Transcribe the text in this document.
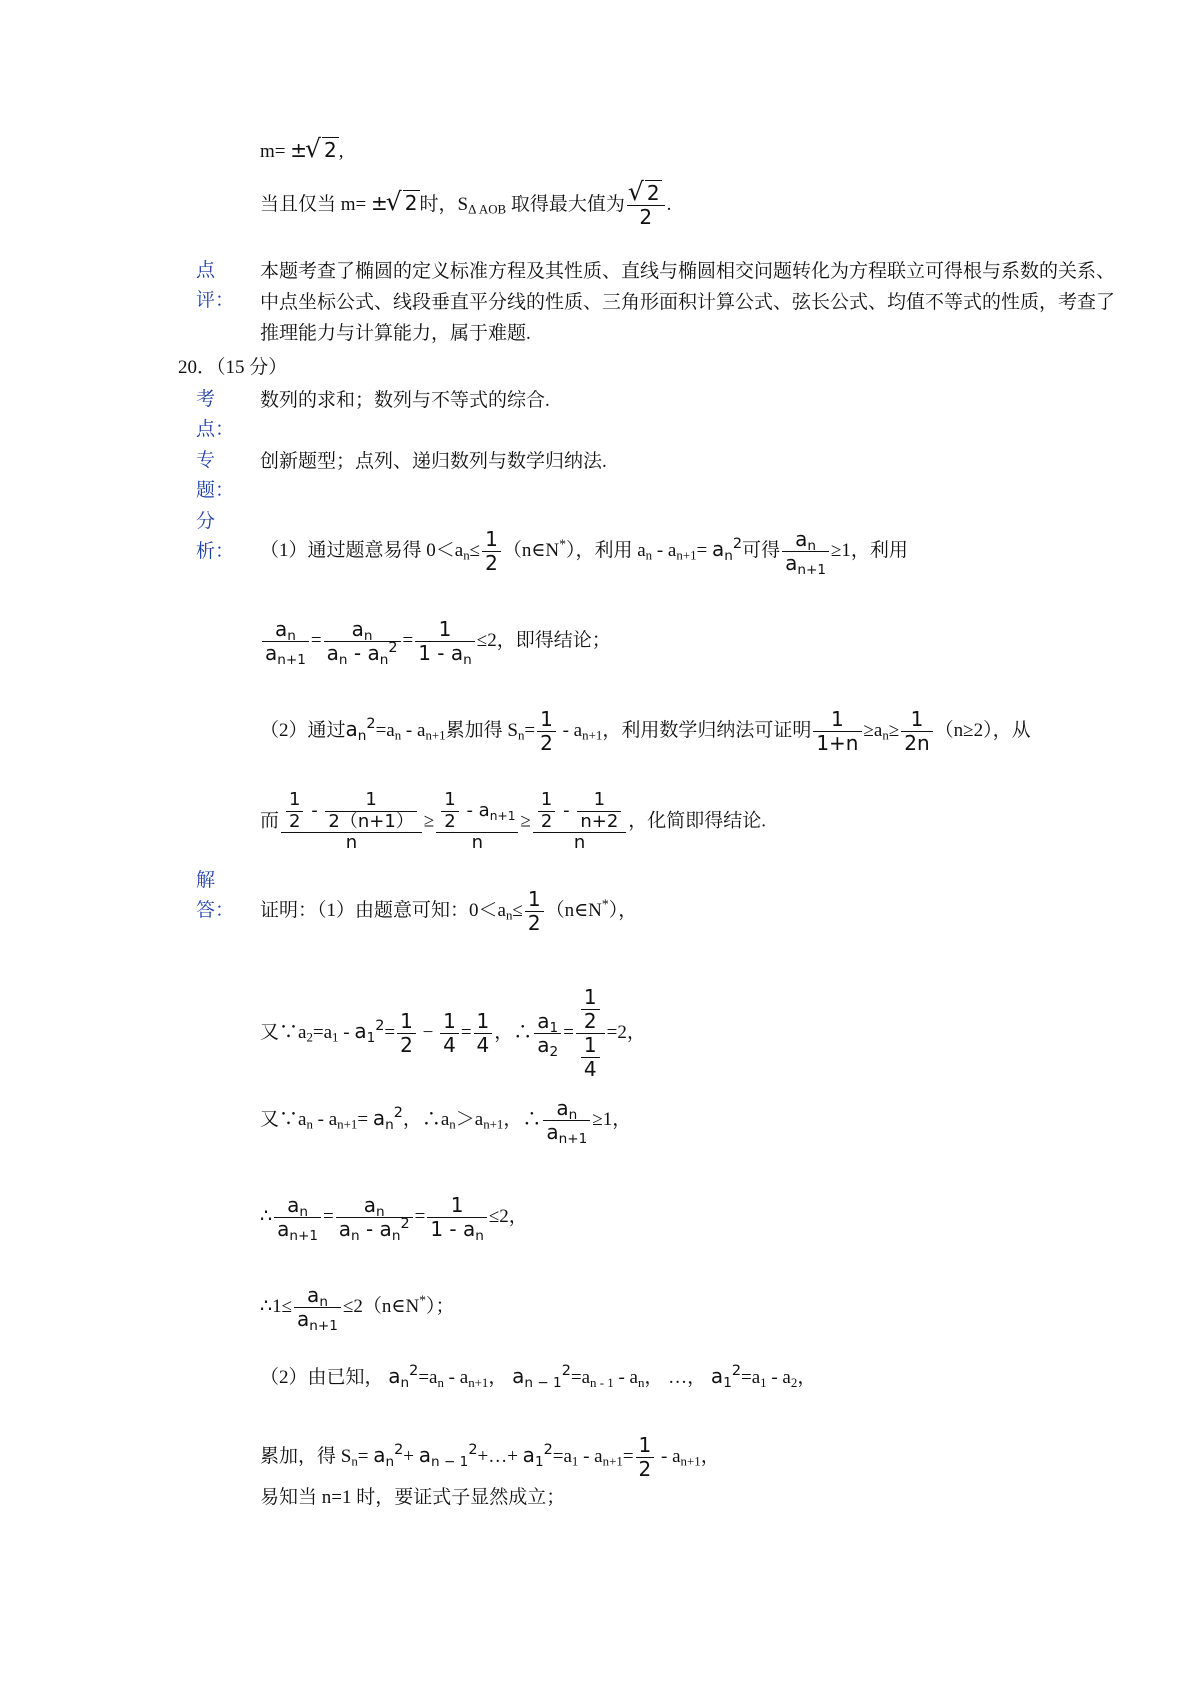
m= ± √ 2 ,
当且仅当 m= ± √ 2 时，$S_{\Delta AOB}$ 取得最大值为 √ $\frac{2}{2}$ .
点评：
本题考查了椭圆的定义标准方程及其性质、直线与椭圆相交问题转化为方程联立可得根与系数的关系、中点坐标公式、线段垂直平分线的性质、三角形面积计算公式、弦长公式、均值不等式的性质，考查了推理能力与计算能力，属于难题.
20．（15 分）
考点：
数列的求和；数列与不等式的综合.
专题：
创新题型；点列、递归数列与数学归纳法.
分析： （1）通过题意易得 $0<a_n\le \frac{1}{2}$ （n∈N*），利用 $a_n - a_{n+1}= a_n^2$可得 $\frac{a_n}{a_{n+1}} \ge 1$，利用
$\frac{a_n}{a_{n+1}} = \frac{a_n}{a_n - a_n^2} = \frac{1}{1 - a_n} \le 2$，即得结论；
（2）通过$a_n^2=a_n - a_{n+1}$累加得 $S_n= \frac{1}{2} - a_{n+1}$，利用数学归纳法可证明 $\frac{1}{1+n} \ge a_n\ge \frac{1}{2n} (n\ge 2)$，从
而 $\frac{\frac{1}{2} - \frac{1}{2(n+1)}}{n} \ge \frac{\frac{1}{2} - a_{n+1}}{n} \ge \frac{\frac{1}{2} - \frac{1}{n+2}}{n}$ ，化简即得结论.
解答： 证明：（1）由题意可知：$0<a_n\le \frac{1}{2}$ （n∈N*），
又$\because a_2=a_1 - a_1^2= \frac{1}{2} - \frac{1}{4} = \frac{1}{4}$ ，∴ $\frac{a_1}{a_2} = \frac{\frac{1}{2}}{\frac{1}{4}} =2$，
又$\because a_n - a_{n+1}= a_n^2$，$\therefore a_n>a_{n+1}$，∴ $\frac{a_n}{a_{n+1}} \ge 1$，
∴ $\frac{a_n}{a_{n+1}} = \frac{a_n}{a_n - a_n^2} = \frac{1}{1 - a_n} \le 2$，
∴1≤ $\frac{a_n}{a_{n+1}}$ ≤2（n∈N*）；
（2）由已知， $a_n^2=a_n - a_{n+1}$， $a_{n - 1}^2=a_{n - 1} - a_n$， …， $a_1^2=a_1 - a_2$，
累加，得 $S_n= a_n^2+$ $a_{n - 1}^2+\dots+ a_1^2=a_1 - a_{n+1}= \frac{1}{2} - a_{n+1}$，
易知当 n=1 时，要证式子显然成立；
